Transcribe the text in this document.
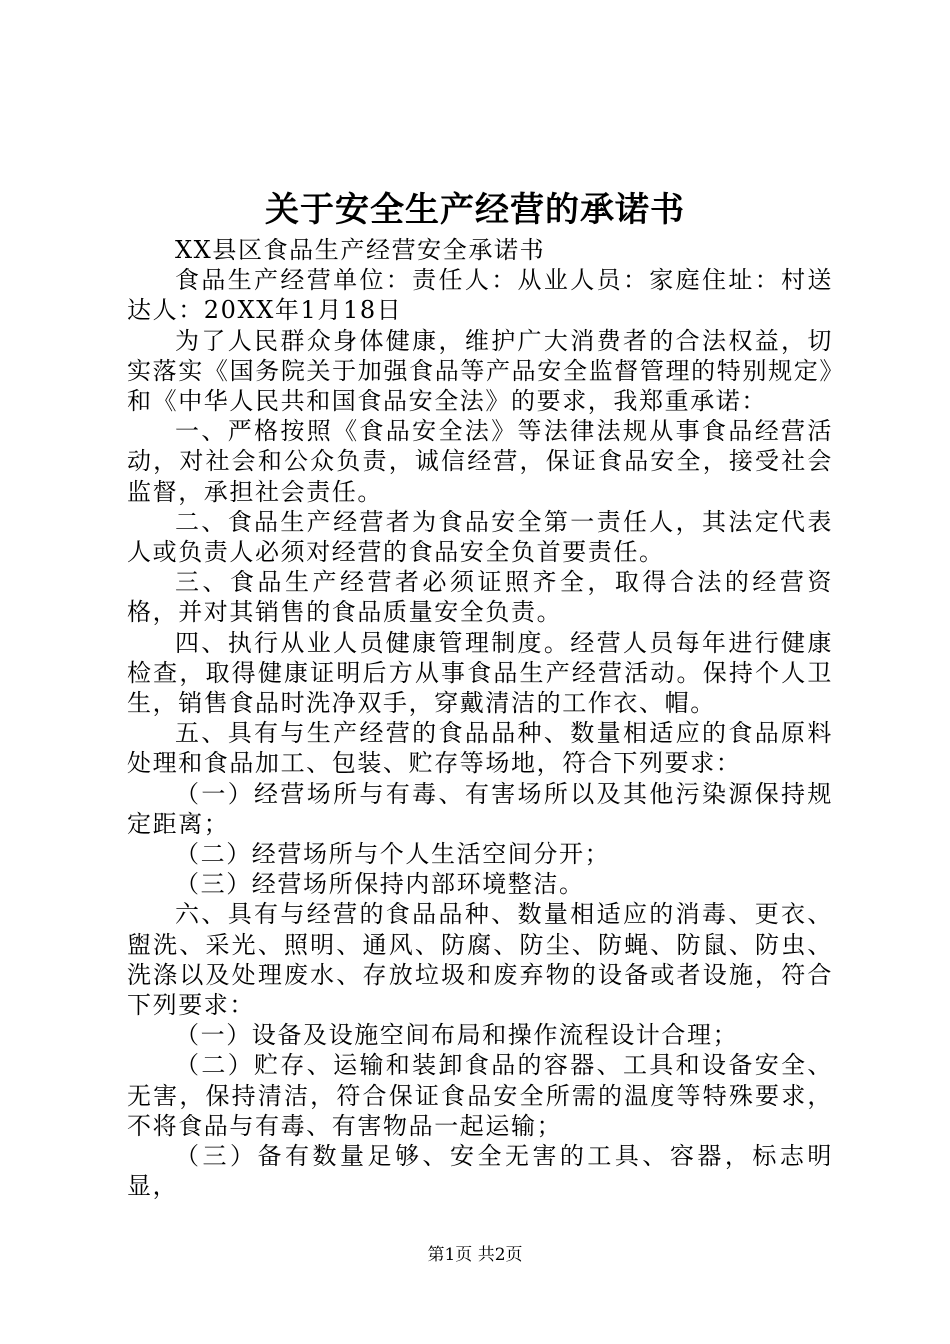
关于安全生产经营的承诺书

XX县区食品生产经营安全承诺书

食品生产经营单位：责任人：从业人员：家庭住址：村送达人：20XX年1月18日

为了人民群众身体健康，维护广大消费者的合法权益，切实落实《国务院关于加强食品等产品安全监督管理的特别规定》和《中华人民共和国食品安全法》的要求，我郑重承诺：

一、严格按照《食品安全法》等法律法规从事食品经营活动，对社会和公众负责，诚信经营，保证食品安全，接受社会监督，承担社会责任。

二、食品生产经营者为食品安全第一责任人，其法定代表人或负责人必须对经营的食品安全负首要责任。

三、食品生产经营者必须证照齐全，取得合法的经营资格，并对其销售的食品质量安全负责。

四、执行从业人员健康管理制度。经营人员每年进行健康检查，取得健康证明后方从事食品生产经营活动。保持个人卫生，销售食品时洗净双手，穿戴清洁的工作衣、帽。

五、具有与生产经营的食品品种、数量相适应的食品原料处理和食品加工、包装、贮存等场地，符合下列要求：

（一）经营场所与有毒、有害场所以及其他污染源保持规定距离；

（二）经营场所与个人生活空间分开；

（三）经营场所保持内部环境整洁。

六、具有与经营的食品品种、数量相适应的消毒、更衣、盥洗、采光、照明、通风、防腐、防尘、防蝇、防鼠、防虫、洗涤以及处理废水、存放垃圾和废弃物的设备或者设施，符合下列要求：

（一）设备及设施空间布局和操作流程设计合理；

（二）贮存、运输和装卸食品的容器、工具和设备安全、无害，保持清洁，符合保证食品安全所需的温度等特殊要求，不将食品与有毒、有害物品一起运输；

（三）备有数量足够、安全无害的工具、容器，标志明显，

第1页 共2页
